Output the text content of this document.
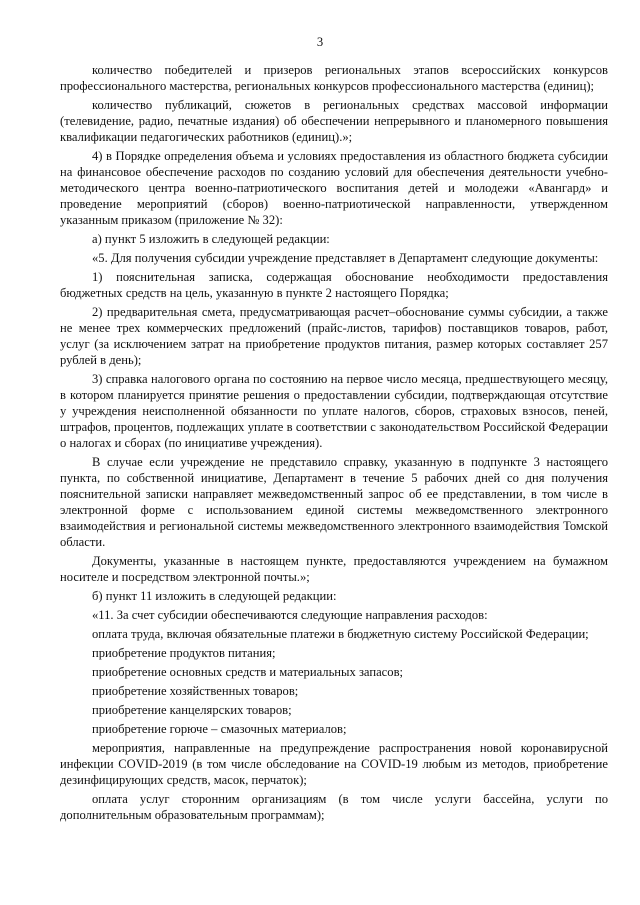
3

количество победителей и призеров региональных этапов всероссийских конкурсов профессионального мастерства, региональных конкурсов профессионального мастерства (единиц);

количество публикаций, сюжетов в региональных средствах массовой информации (телевидение, радио, печатные издания) об обеспечении непрерывного и планомерного повышения квалификации педагогических работников (единиц).»;

4) в Порядке определения объема и условиях предоставления из областного бюджета субсидии на финансовое обеспечение расходов по созданию условий для обеспечения деятельности учебно-методического центра военно-патриотического воспитания детей и молодежи «Авангард» и проведение мероприятий (сборов) военно-патриотической направленности, утвержденном указанным приказом (приложение № 32):

а) пункт 5 изложить в следующей редакции:

«5. Для получения субсидии учреждение представляет в Департамент следующие документы:

1) пояснительная записка, содержащая обоснование необходимости предоставления бюджетных средств на цель, указанную в пункте 2 настоящего Порядка;

2) предварительная смета, предусматривающая расчет–обоснование суммы субсидии, а также не менее трех коммерческих предложений (прайс-листов, тарифов) поставщиков товаров, работ, услуг (за исключением затрат на приобретение продуктов питания, размер которых составляет 257 рублей в день);

3) справка налогового органа по состоянию на первое число месяца, предшествующего месяцу, в котором планируется принятие решения о предоставлении субсидии, подтверждающая отсутствие у учреждения неисполненной обязанности по уплате налогов, сборов, страховых взносов, пеней, штрафов, процентов, подлежащих уплате в соответствии с законодательством Российской Федерации о налогах и сборах (по инициативе учреждения).

В случае если учреждение не представило справку, указанную в подпункте 3 настоящего пункта, по собственной инициативе, Департамент в течение 5 рабочих дней со дня получения пояснительной записки направляет межведомственный запрос об ее представлении, в том числе в электронной форме с использованием единой системы межведомственного электронного взаимодействия и региональной системы межведомственного электронного взаимодействия Томской области.

Документы, указанные в настоящем пункте, предоставляются учреждением на бумажном носителе и посредством электронной почты.»;

б) пункт 11 изложить в следующей редакции:

«11. За счет субсидии обеспечиваются следующие направления расходов:

оплата труда, включая обязательные платежи в бюджетную систему Российской Федерации;

приобретение продуктов питания;

приобретение основных средств и материальных запасов;

приобретение хозяйственных товаров;

приобретение канцелярских товаров;

приобретение горюче – смазочных материалов;

мероприятия, направленные на предупреждение распространения новой коронавирусной инфекции COVID-2019 (в том числе обследование на COVID-19 любым из методов, приобретение дезинфицирующих средств, масок, перчаток);

оплата услуг сторонним организациям (в том числе услуги бассейна, услуги по дополнительным образовательным программам);
